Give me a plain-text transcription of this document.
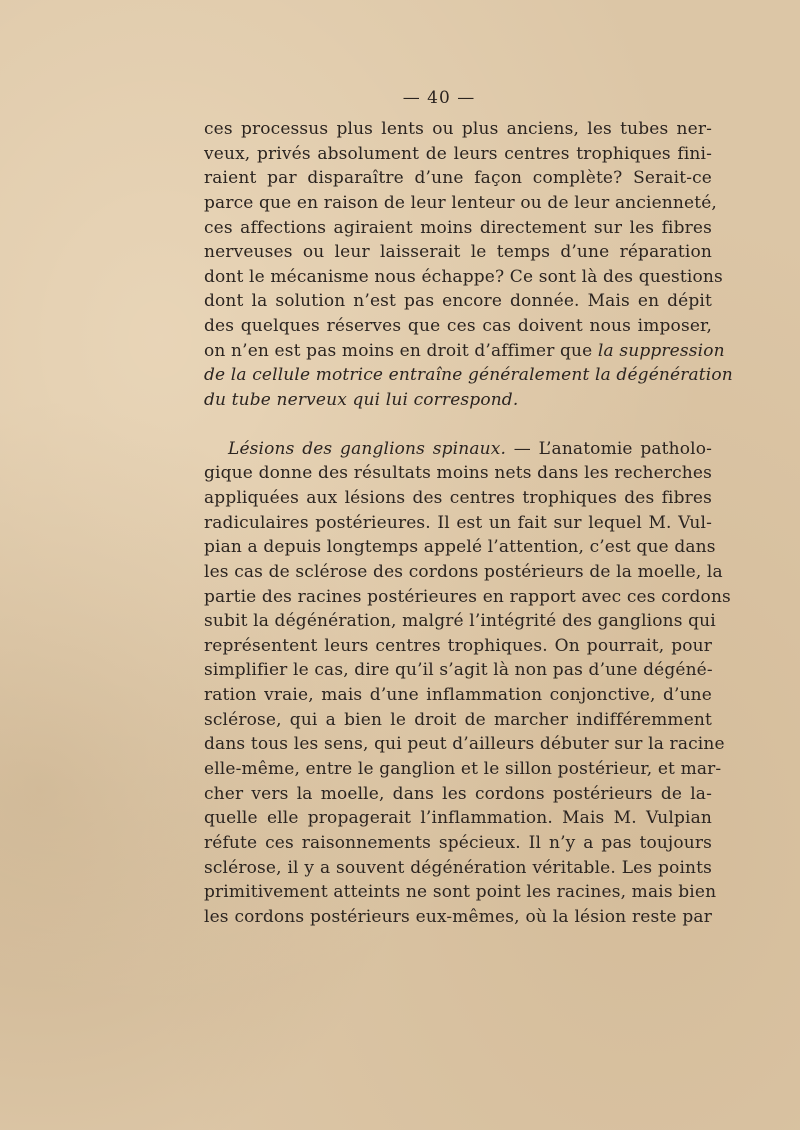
— 40 —
ces processus plus lents ou plus anciens, les tubes ner-
veux, privés absolument de leurs centres trophiques fini-
raient par disparaître d’une façon complète? Serait-ce
parce que en raison de leur lenteur ou de leur ancienneté,
ces affections agiraient moins directement sur les fibres
nerveuses ou leur laisserait le temps d’une réparation
dont le mécanisme nous échappe? Ce sont là des questions
dont la solution n’est pas encore donnée. Mais en dépit
des quelques réserves que ces cas doivent nous imposer,
on n’en est pas moins en droit d’affimer que la suppression
de la cellule motrice entraîne généralement la dégénération
du tube nerveux qui lui correspond.
Lésions des ganglions spinaux. — L’anatomie patholo-
gique donne des résultats moins nets dans les recherches
appliquées aux lésions des centres trophiques des fibres
radiculaires postérieures. Il est un fait sur lequel M. Vul-
pian a depuis longtemps appelé l’attention, c’est que dans
les cas de sclérose des cordons postérieurs de la moelle, la
partie des racines postérieures en rapport avec ces cordons
subit la dégénération, malgré l’intégrité des ganglions qui
représentent leurs centres trophiques. On pourrait, pour
simplifier le cas, dire qu’il s’agit là non pas d’une dégéné-
ration vraie, mais d’une inflammation conjonctive, d’une
sclérose, qui a bien le droit de marcher indifféremment
dans tous les sens, qui peut d’ailleurs débuter sur la racine
elle-même, entre le ganglion et le sillon postérieur, et mar-
cher vers la moelle, dans les cordons postérieurs de la-
quelle elle propagerait l’inflammation. Mais M. Vulpian
réfute ces raisonnements spécieux. Il n’y a pas toujours
sclérose, il y a souvent dégénération véritable. Les points
primitivement atteints ne sont point les racines, mais bien
les cordons postérieurs eux-mêmes, où la lésion reste par
